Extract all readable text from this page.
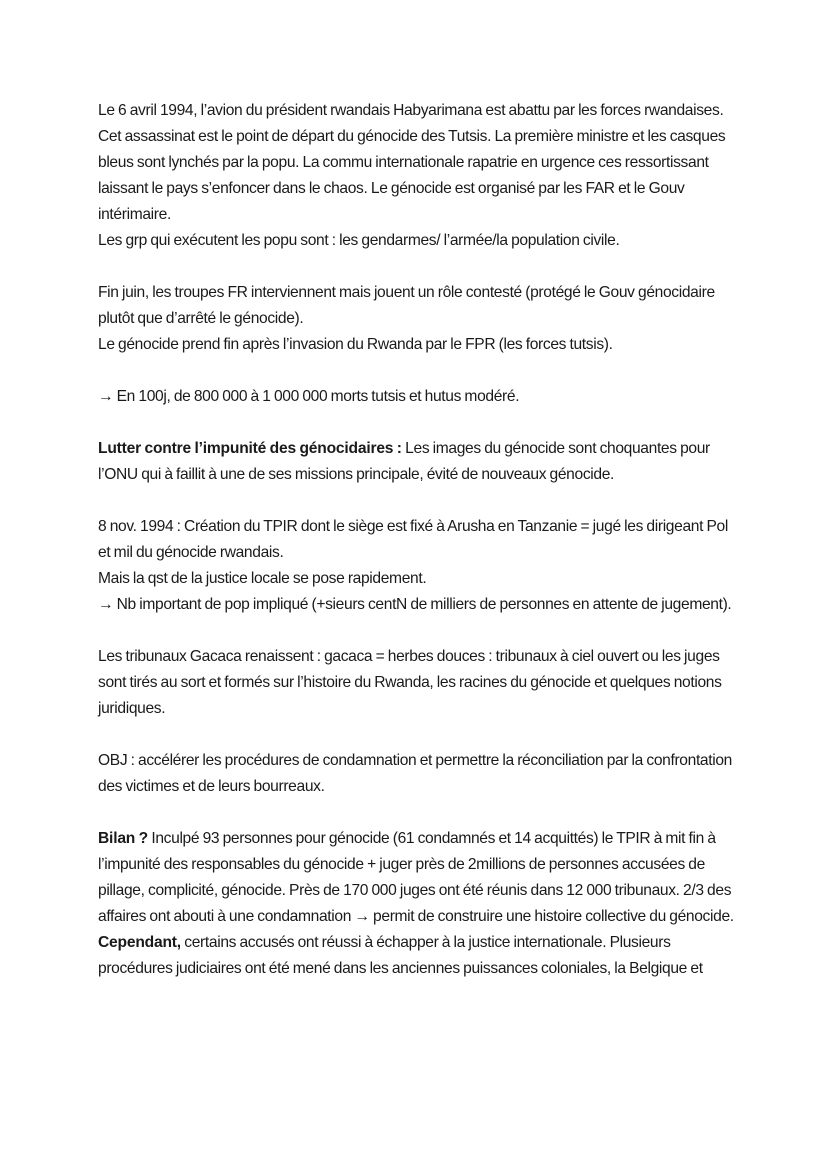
Le 6 avril 1994, l’avion du président rwandais Habyarimana est abattu par les forces rwandaises. Cet assassinat est le point de départ du génocide des Tutsis. La première ministre et les casques bleus sont lynchés par la popu. La commu internationale rapatrie en urgence ces ressortissant laissant le pays s’enfoncer dans le chaos. Le génocide est organisé par les FAR et le Gouv intérimaire.

Les grp qui exécutent les popu sont : les gendarmes/ l’armée/la population civile.

Fin juin, les troupes FR interviennent mais jouent un rôle contesté (protégé le Gouv génocidaire plutôt que d’arrêté le génocide).

Le génocide prend fin après l’invasion du Rwanda par le FPR (les forces tutsis).

→ En 100j, de 800 000 à 1 000 000 morts tutsis et hutus modéré.

Lutter contre l’impunité des génocidaires : Les images du génocide sont choquantes pour l’ONU qui à faillit à une de ses missions principale, évité de nouveaux génocide.

8 nov. 1994 : Création du TPIR dont le siège est fixé à Arusha en Tanzanie = jugé les dirigeant Pol et mil du génocide rwandais.

Mais la qst de la justice locale se pose rapidement.

→ Nb important de pop impliqué (+sieurs centN de milliers de personnes en attente de jugement).

Les tribunaux Gacaca renaissent : gacaca = herbes douces : tribunaux à ciel ouvert ou les juges sont tirés au sort et formés sur l’histoire du Rwanda, les racines du génocide et quelques notions juridiques.

OBJ : accélérer les procédures de condamnation et permettre la réconciliation par la confrontation des victimes et de leurs bourreaux.

Bilan ? Inculpé 93 personnes pour génocide (61 condamnés et 14 acquittés) le TPIR à mit fin à l’impunité des responsables du génocide + juger près de 2millions de personnes accusées de pillage, complicité, génocide. Près de 170 000 juges ont été réunis dans 12 000 tribunaux. 2/3 des affaires ont abouti à une condamnation → permit de construire une histoire collective du génocide.

Cependant, certains accusés ont réussi à échapper à la justice internationale. Plusieurs procédures judiciaires ont été mené dans les anciennes puissances coloniales, la Belgique et
